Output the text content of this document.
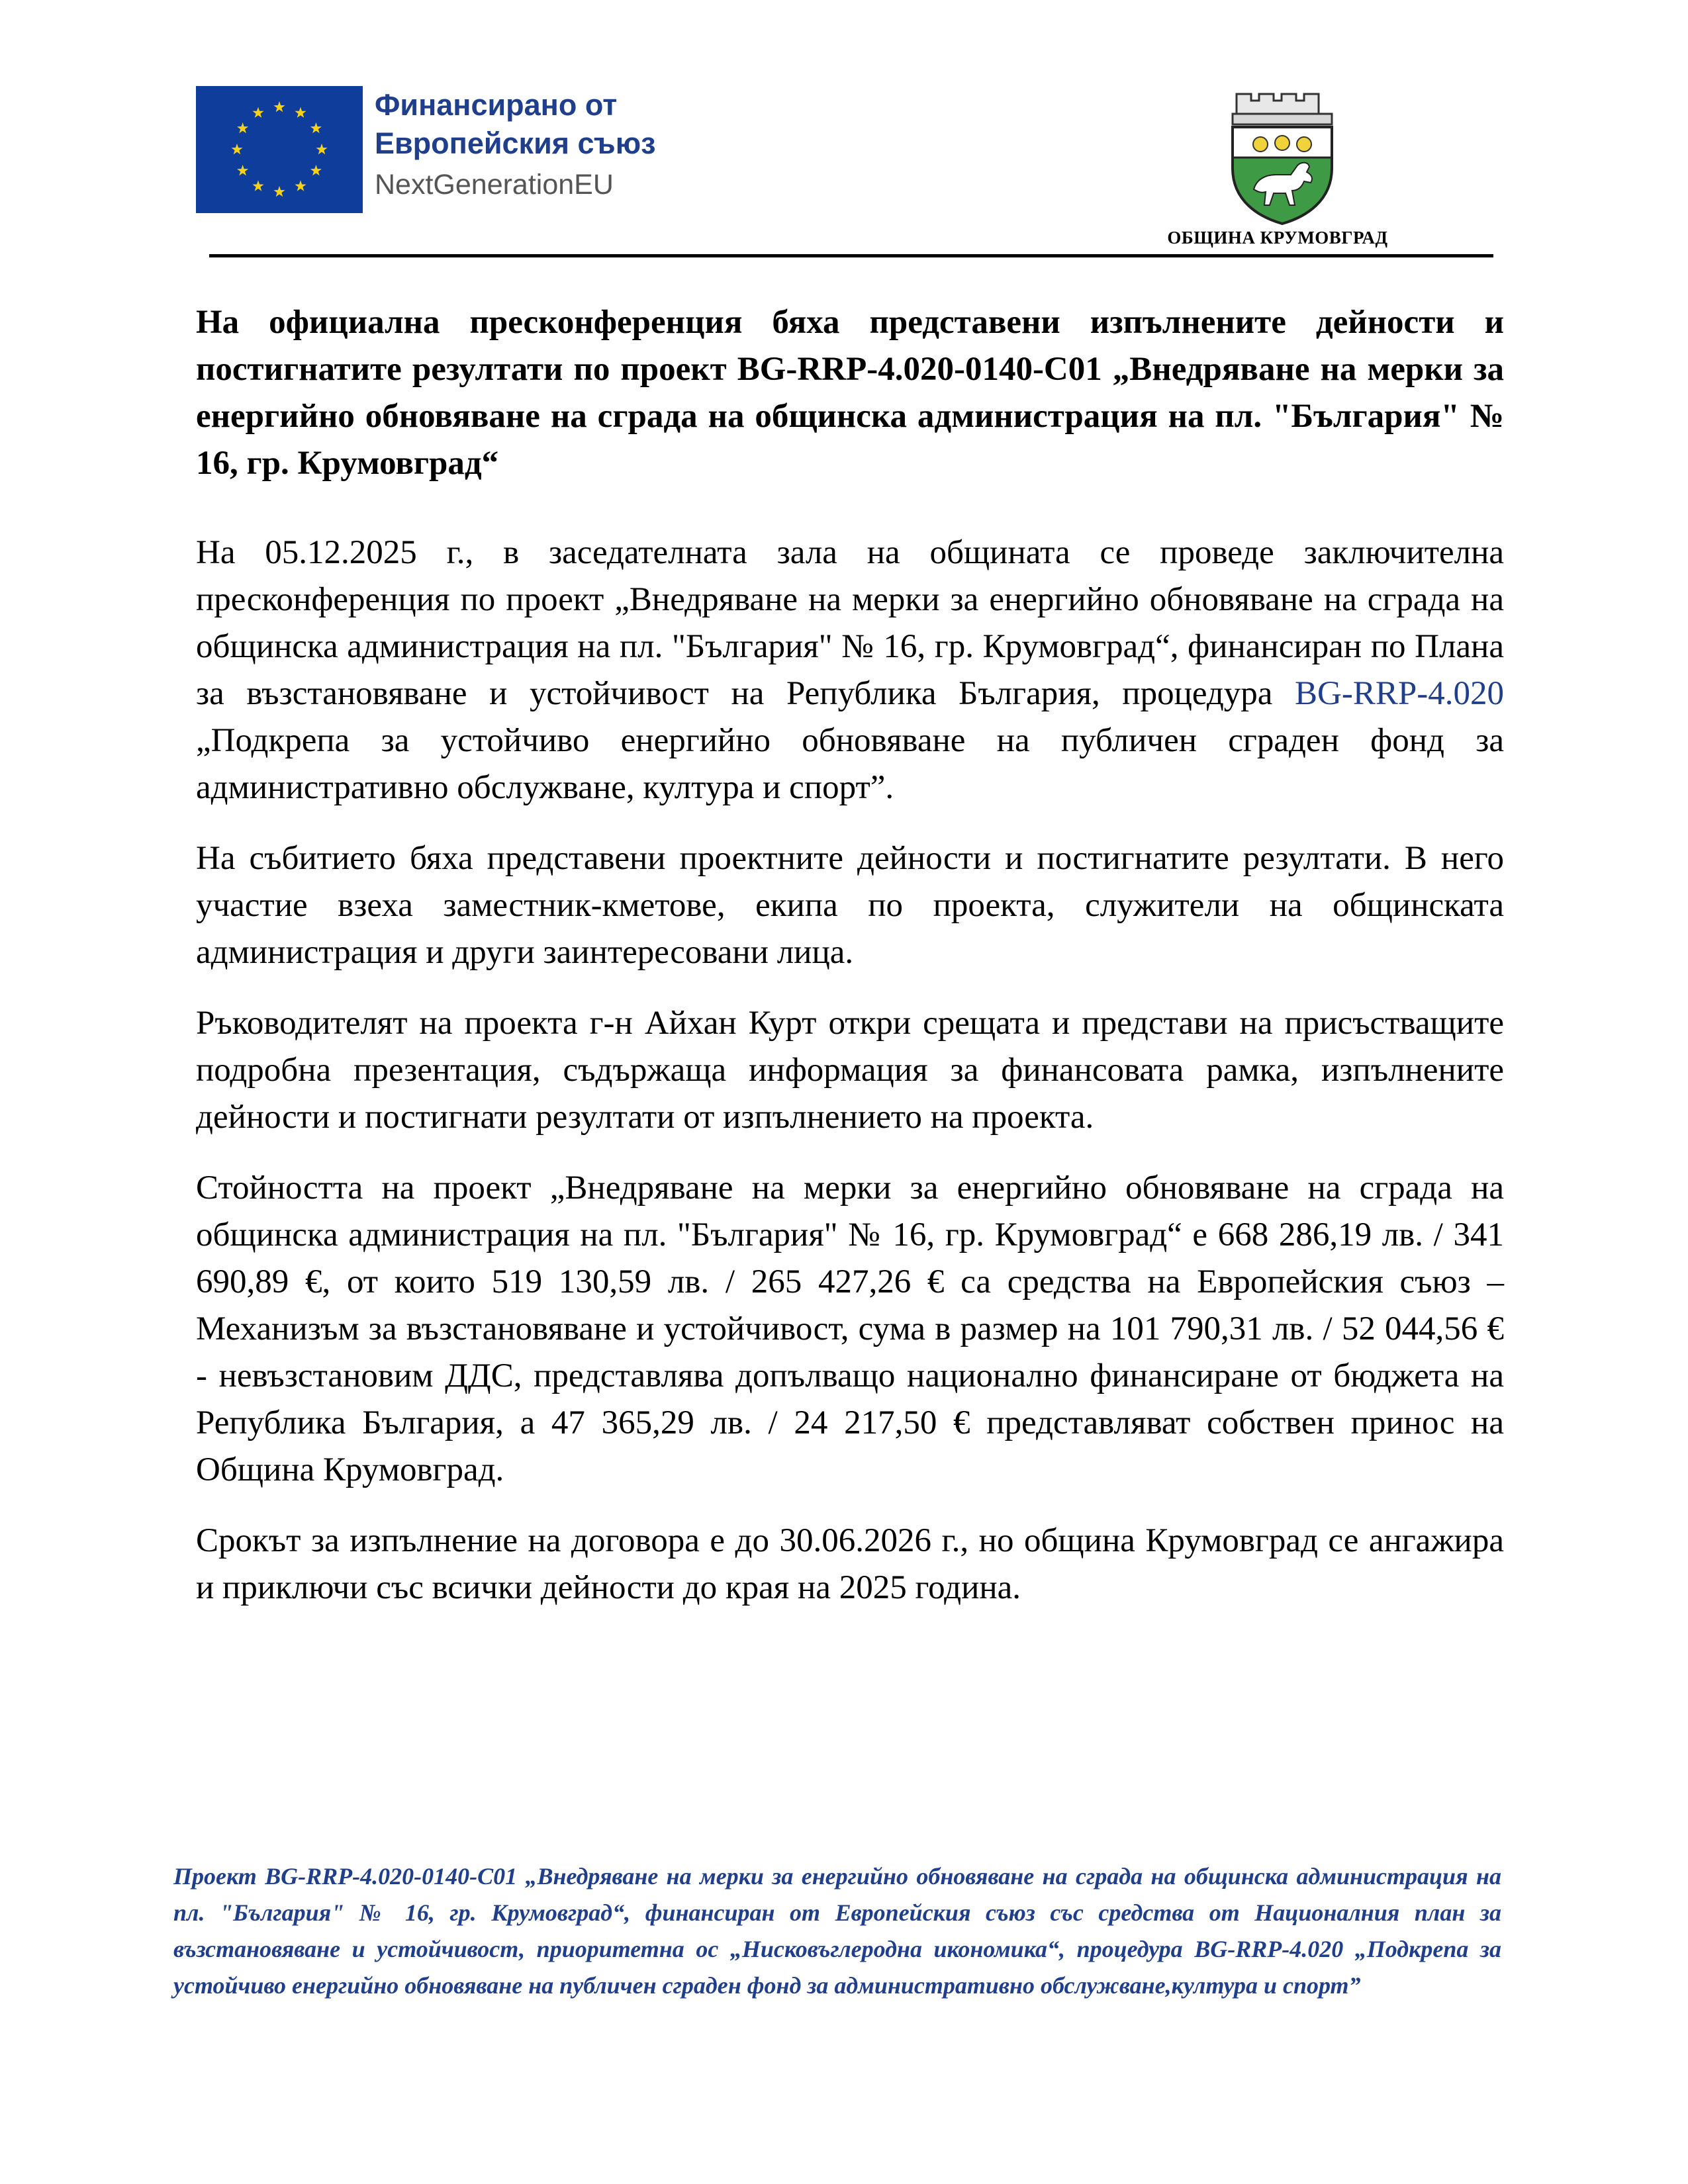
Финансирано от
Европейския съюз
NextGenerationEU
ОБЩИНА КРУМОВГРАД

На официална пресконференция бяха представени изпълнените дейности и постигнатите резултати по проект BG-RRP-4.020-0140-C01 „Внедряване на мерки за енергийно обновяване на сграда на общинска администрация на пл. "България" № 16, гр. Крумовград“

На 05.12.2025 г., в заседателната зала на общината се проведе заключителна пресконференция по проект „Внедряване на мерки за енергийно обновяване на сграда на общинска администрация на пл. "България" № 16, гр. Крумовград“, финансиран по Плана за възстановяване и устойчивост на Република България, процедура BG-RRP-4.020 „Подкрепа за устойчиво енергийно обновяване на публичен сграден фонд за административно обслужване, култура и спорт”.

На събитието бяха представени проектните дейности и постигнатите резултати. В него участие взеха заместник-кметове, екипа по проекта, служители на общинската администрация и други заинтересовани лица.

Ръководителят на проекта г-н Айхан Курт откри срещата и представи на присъстващите подробна презентация, съдържаща информация за финансовата рамка, изпълнените дейности и постигнати резултати от изпълнението на проекта.

Стойността на проект „Внедряване на мерки за енергийно обновяване на сграда на общинска администрация на пл. "България" № 16, гр. Крумовград“ е 668 286,19 лв. / 341 690,89 €, от които 519 130,59 лв. / 265 427,26 € са средства на Европейския съюз – Механизъм за възстановяване и устойчивост, сума в размер на 101 790,31 лв. / 52 044,56 € - невъзстановим ДДС, представлява допълващо национално финансиране от бюджета на Република България, а 47 365,29 лв. / 24 217,50 € представляват собствен принос на Община Крумовград.

Срокът за изпълнение на договора е до 30.06.2026 г., но община Крумовград се ангажира и приключи със всички дейности до края на 2025 година.

Проект BG-RRP-4.020-0140-C01 „Внедряване на мерки за енергийно обновяване на сграда на общинска администрация на пл. "България" № 16, гр. Крумовград“, финансиран от Европейския съюз със средства от Националния план за възстановяване и устойчивост, приоритетна ос „Нисковъглеродна икономика“, процедура BG-RRP-4.020 „Подкрепа за устойчиво енергийно обновяване на публичен сграден фонд за административно обслужване,култура и спорт”
